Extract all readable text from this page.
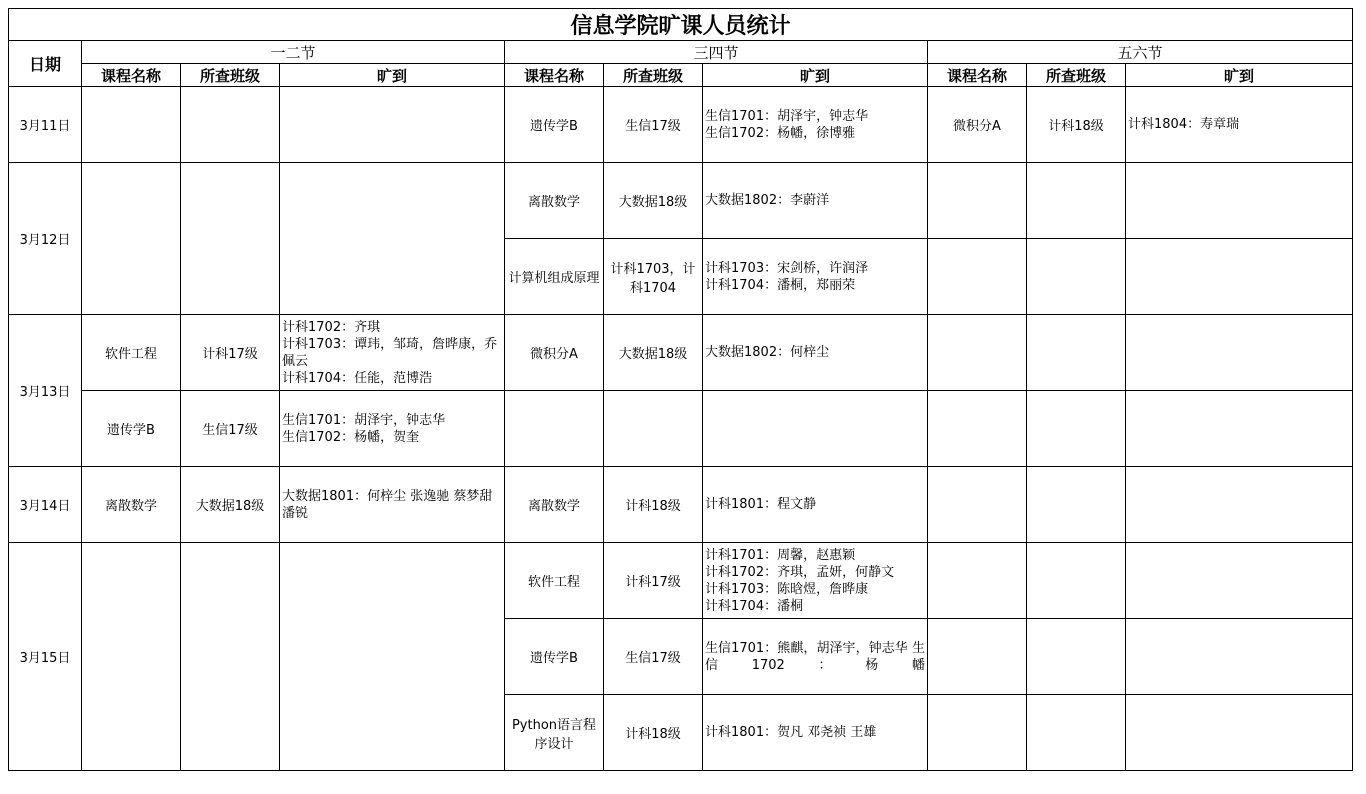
信息学院旷课人员统计									
日期	一二节			三四节			五六节		
	课程名称	所查班级	旷到	课程名称	所查班级	旷到	课程名称	所查班级	旷到
3月11日				遗传学B	生信17级	生信1701：胡泽宇，钟志华
生信1702：杨幡，徐博雅	微积分A	计科18级	计科1804：寿章瑞

3月12日				离散数学	大数据18级	大数据1802：李蔚洋			

				计算机组成原理	计科1703，计科1704	计科1703：宋剑桥，许润泽
计科1704：潘桐，郑丽荣			

3月13日	软件工程	计科17级	计科1702：齐琪
计科1703：谭玮，邹琦，詹晔康，乔佩云
计科1704：任能，范博浩	微积分A	大数据18级	大数据1802：何梓尘			

	遗传学B	生信17级	生信1701：胡泽宇，钟志华
生信1702：杨幡，贺奎						

3月14日	离散数学	大数据18级	大数据1801：何梓尘 张逸驰 蔡梦甜 潘锐	离散数学	计科18级	计科1801：程文静			

3月15日				软件工程	计科17级	计科1701：周馨，赵惠颖
计科1702：齐琪，孟妍，何静文
计科1703：陈晗煜，詹晔康
计科1704：潘桐			

				遗传学B	生信17级	生信1701：熊麒，胡泽宇，钟志华 生信1702：杨幡			

				Python语言程序设计	计科18级	计科1801：贺凡 邓尧祯 王雄			
